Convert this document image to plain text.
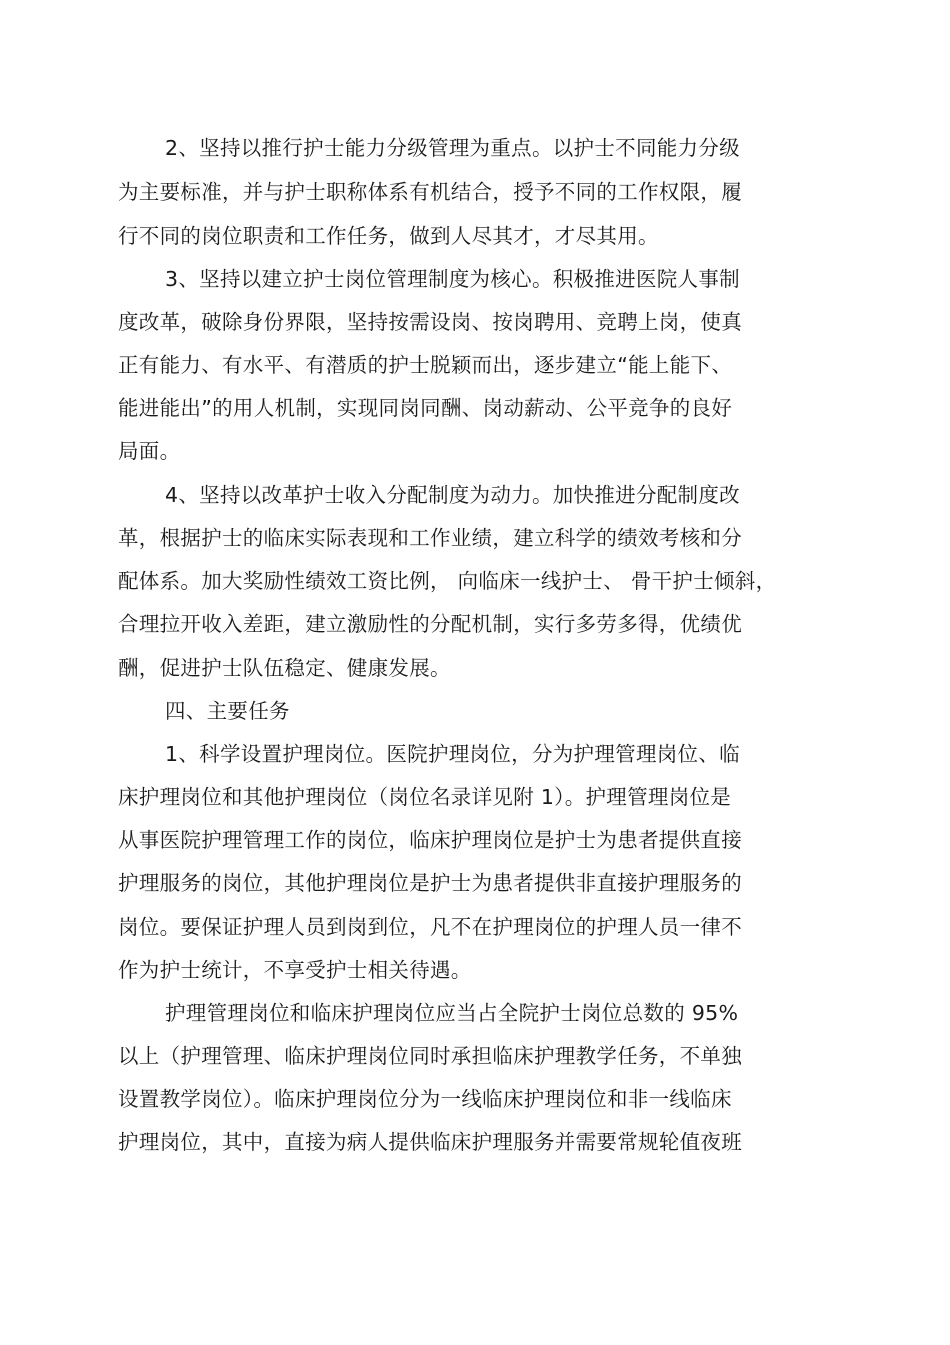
2、坚持以推行护士能力分级管理为重点。以护士不同能力分级
为主要标准，并与护士职称体系有机结合，授予不同的工作权限，履
行不同的岗位职责和工作任务，做到人尽其才，才尽其用。
3、坚持以建立护士岗位管理制度为核心。积极推进医院人事制
度改革，破除身份界限，坚持按需设岗、按岗聘用、竞聘上岗，使真
正有能力、有水平、有潜质的护士脱颖而出，逐步建立“能上能下、
能进能出”的用人机制，实现同岗同酬、岗动薪动、公平竞争的良好
局面。
4、坚持以改革护士收入分配制度为动力。加快推进分配制度改
革，根据护士的临床实际表现和工作业绩，建立科学的绩效考核和分
配体系。加大奖励性绩效工资比例， 向临床一线护士、 骨干护士倾斜，
合理拉开收入差距，建立激励性的分配机制，实行多劳多得，优绩优
酬，促进护士队伍稳定、健康发展。
四、主要任务
1、科学设置护理岗位。医院护理岗位，分为护理管理岗位、临
床护理岗位和其他护理岗位（岗位名录详见附 1）。护理管理岗位是
从事医院护理管理工作的岗位，临床护理岗位是护士为患者提供直接
护理服务的岗位，其他护理岗位是护士为患者提供非直接护理服务的
岗位。要保证护理人员到岗到位，凡不在护理岗位的护理人员一律不
作为护士统计，不享受护士相关待遇。
护理管理岗位和临床护理岗位应当占全院护士岗位总数的 95%
以上（护理管理、临床护理岗位同时承担临床护理教学任务，不单独
设置教学岗位）。临床护理岗位分为一线临床护理岗位和非一线临床
护理岗位，其中，直接为病人提供临床护理服务并需要常规轮值夜班
